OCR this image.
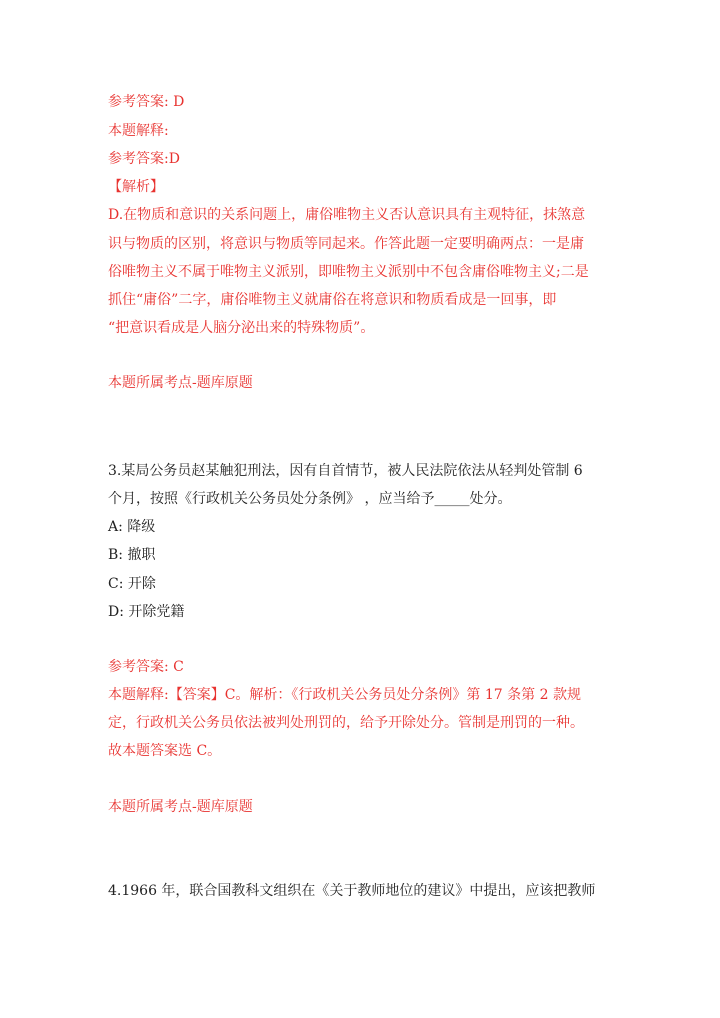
参考答案: D
本题解释:
参考答案:D
【解析】
D.在物质和意识的关系问题上，庸俗唯物主义否认意识具有主观特征，抹煞意
识与物质的区别，将意识与物质等同起来。作答此题一定要明确两点：一是庸
俗唯物主义不属于唯物主义派别，即唯物主义派别中不包含庸俗唯物主义;二是
抓住“庸俗”二字，庸俗唯物主义就庸俗在将意识和物质看成是一回事，即
“把意识看成是人脑分泌出来的特殊物质”。
本题所属考点-题库原题
3.某局公务员赵某触犯刑法，因有自首情节，被人民法院依法从轻判处管制 6
个月，按照《行政机关公务员处分条例》 ，应当给予_____处分。
A: 降级
B: 撤职
C: 开除
D: 开除党籍
参考答案: C
本题解释:【答案】C。解析：《行政机关公务员处分条例》第 17 条第 2 款规
定，行政机关公务员依法被判处刑罚的，给予开除处分。管制是刑罚的一种。
故本题答案选 C。
本题所属考点-题库原题
4.1966 年，联合国教科文组织在《关于教师地位的建议》中提出，应该把教师
